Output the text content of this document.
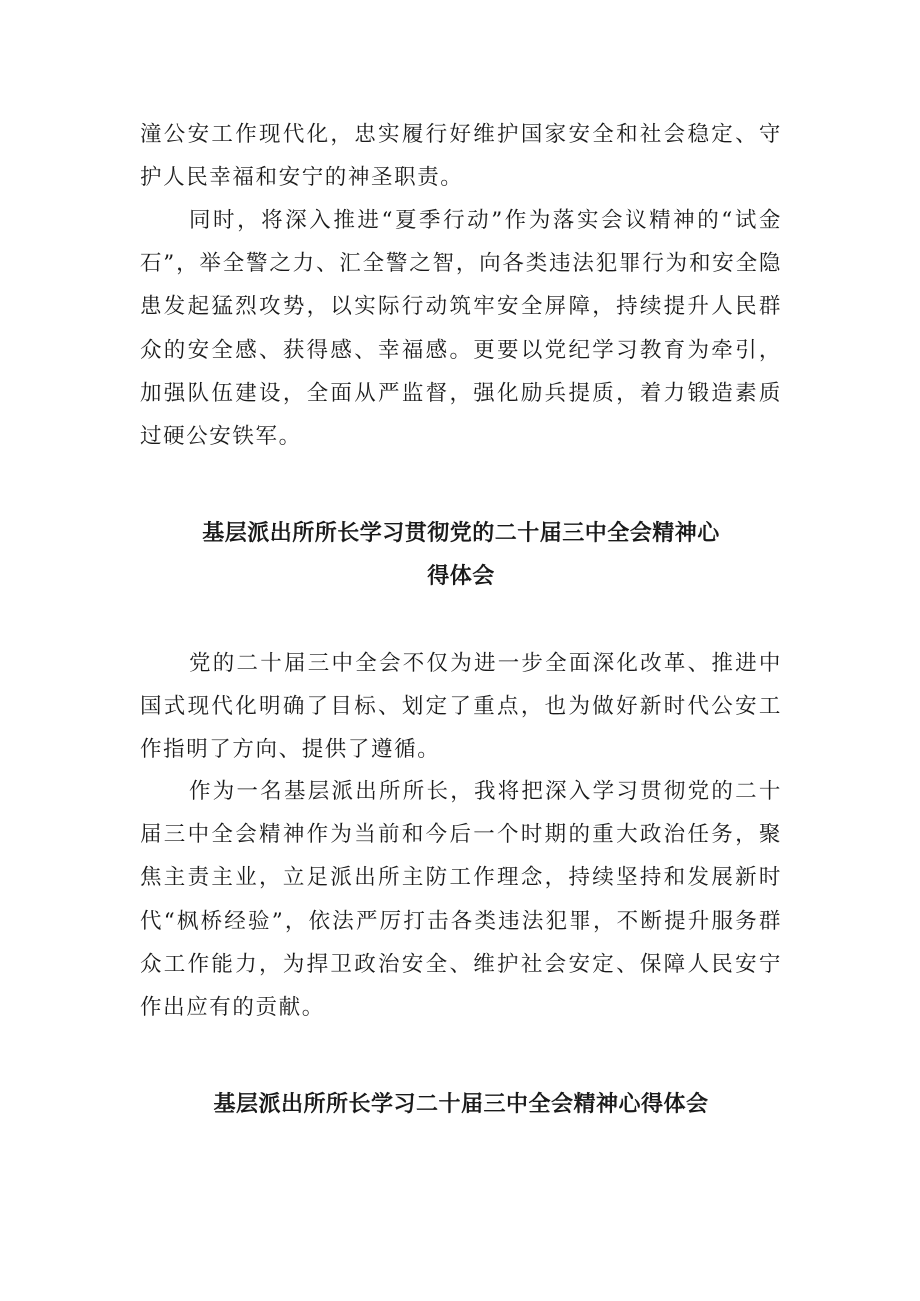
潼公安工作现代化，忠实履行好维护国家安全和社会稳定、守护人民幸福和安宁的神圣职责。

同时，将深入推进“夏季行动”作为落实会议精神的“试金石”，举全警之力、汇全警之智，向各类违法犯罪行为和安全隐患发起猛烈攻势，以实际行动筑牢安全屏障，持续提升人民群众的安全感、获得感、幸福感。更要以党纪学习教育为牵引，加强队伍建设，全面从严监督，强化励兵提质，着力锻造素质过硬公安铁军。

基层派出所所长学习贯彻党的二十届三中全会精神心
得体会

党的二十届三中全会不仅为进一步全面深化改革、推进中国式现代化明确了目标、划定了重点，也为做好新时代公安工作指明了方向、提供了遵循。

作为一名基层派出所所长，我将把深入学习贯彻党的二十届三中全会精神作为当前和今后一个时期的重大政治任务，聚焦主责主业，立足派出所主防工作理念，持续坚持和发展新时代“枫桥经验”，依法严厉打击各类违法犯罪，不断提升服务群众工作能力，为捍卫政治安全、维护社会安定、保障人民安宁作出应有的贡献。

基层派出所所长学习二十届三中全会精神心得体会
